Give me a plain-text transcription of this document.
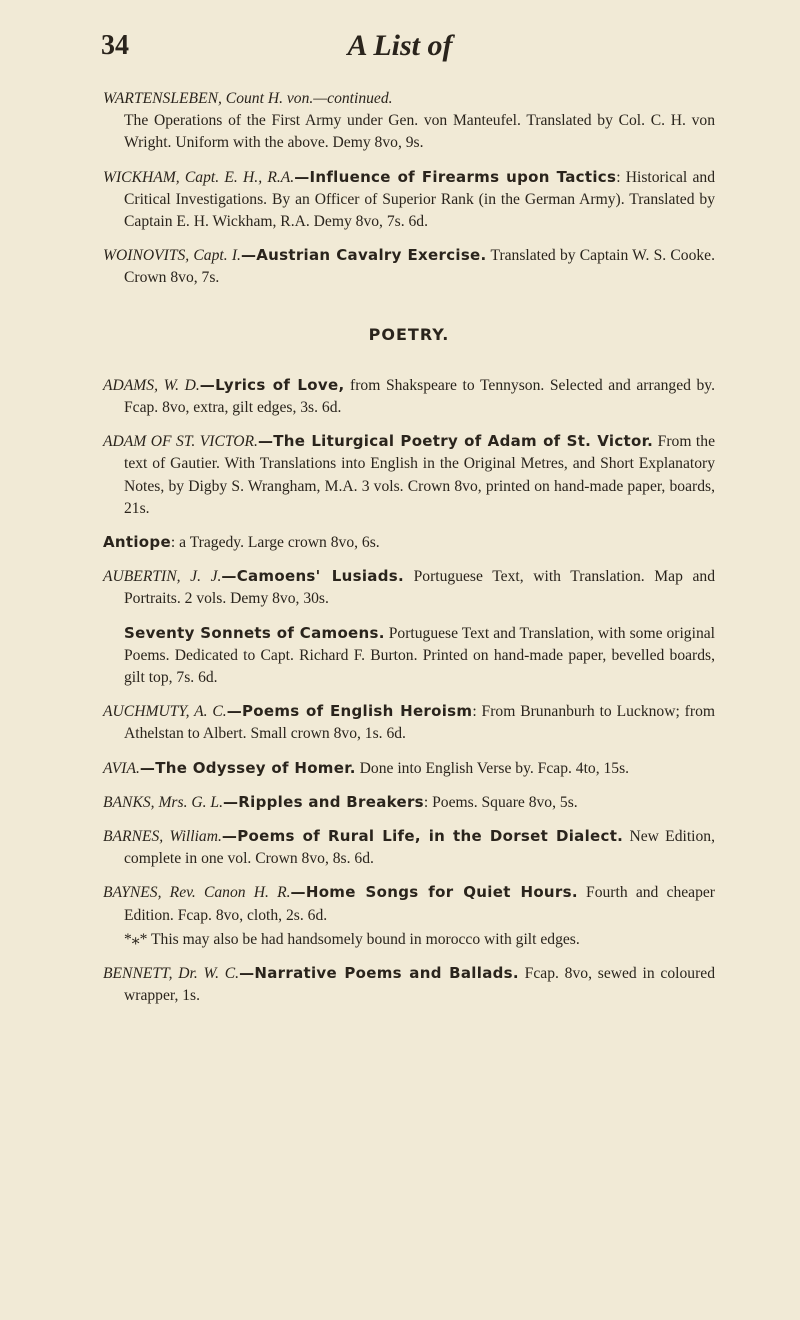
34	A List of

WARTENSLEBEN, Count H. von.—continued.
The Operations of the First Army under Gen. von Manteufel. Translated by Col. C. H. von Wright. Uniform with the above. Demy 8vo, 9s.

WICKHAM, Capt. E. H., R.A.—Influence of Firearms upon Tactics: Historical and Critical Investigations. By an Officer of Superior Rank (in the German Army). Translated by Captain E. H. Wickham, R.A. Demy 8vo, 7s. 6d.

WOINOVITS, Capt. I.—Austrian Cavalry Exercise. Translated by Captain W. S. Cooke. Crown 8vo, 7s.

POETRY.

ADAMS, W. D.—Lyrics of Love, from Shakspeare to Tennyson. Selected and arranged by. Fcap. 8vo, extra, gilt edges, 3s. 6d.

ADAM OF ST. VICTOR.—The Liturgical Poetry of Adam of St. Victor. From the text of Gautier. With Translations into English in the Original Metres, and Short Explanatory Notes, by Digby S. Wrangham, M.A. 3 vols. Crown 8vo, printed on hand-made paper, boards, 21s.

Antiope: a Tragedy. Large crown 8vo, 6s.

AUBERTIN, J. J.—Camoens' Lusiads. Portuguese Text, with Translation. Map and Portraits. 2 vols. Demy 8vo, 30s.

Seventy Sonnets of Camoens. Portuguese Text and Translation, with some original Poems. Dedicated to Capt. Richard F. Burton. Printed on hand-made paper, bevelled boards, gilt top, 7s. 6d.

AUCHMUTY, A. C.—Poems of English Heroism: From Brunanburh to Lucknow; from Athelstan to Albert. Small crown 8vo, 1s. 6d.

AVIA.—The Odyssey of Homer. Done into English Verse by. Fcap. 4to, 15s.

BANKS, Mrs. G. L.—Ripples and Breakers: Poems. Square 8vo, 5s.

BARNES, William.—Poems of Rural Life, in the Dorset Dialect. New Edition, complete in one vol. Crown 8vo, 8s. 6d.

BAYNES, Rev. Canon H. R.—Home Songs for Quiet Hours. Fourth and cheaper Edition. Fcap. 8vo, cloth, 2s. 6d.

*⁎* This may also be had handsomely bound in morocco with gilt edges.

BENNETT, Dr. W. C.—Narrative Poems and Ballads. Fcap. 8vo, sewed in coloured wrapper, 1s.
